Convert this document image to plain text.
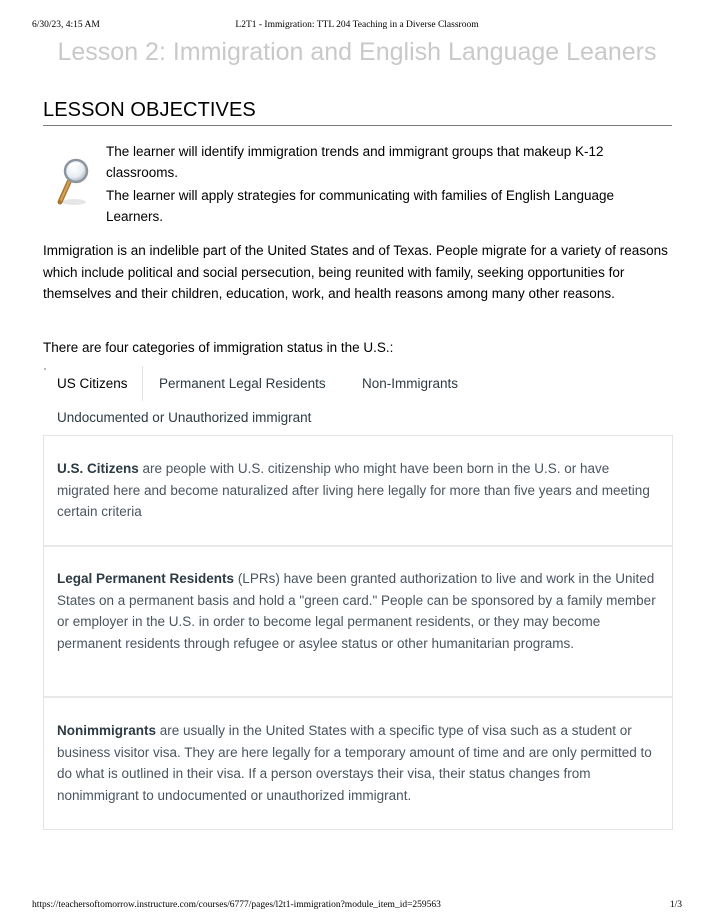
6/30/23, 4:15 AM	L2T1 - Immigration: TTL 204 Teaching in a Diverse Classroom
Lesson 2: Immigration and English Language Leaners
LESSON OBJECTIVES

The learner will identify immigration trends and immigrant groups that makeup K-12 classrooms.

The learner will apply strategies for communicating with families of English Language Learners.

Immigration is an indelible part of the United States and of Texas. People migrate for a variety of reasons which include political and social persecution, being reunited with family, seeking opportunities for themselves and their children, education, work, and health reasons among many other reasons.

There are four categories of immigration status in the U.S.:

US Citizens Permanent Legal Residents	Non-Immigrants
Undocumented or Unauthorized immigrant

U.S. Citizens are people with U.S. citizenship who might have been born in the U.S. or have migrated here and become naturalized after living here legally for more than five years and meeting certain criteria

Legal Permanent Residents (LPRs) have been granted authorization to live and work in the United States on a permanent basis and hold a "green card." People can be sponsored by a family member or employer in the U.S. in order to become legal permanent residents, or they may become permanent residents through refugee or asylee status or other humanitarian programs.

Nonimmigrants are usually in the United States with a specific type of visa such as a student or business visitor visa. They are here legally for a temporary amount of time and are only permitted to do what is outlined in their visa. If a person overstays their visa, their status changes from nonimmigrant to undocumented or unauthorized immigrant.

https://teachersoftomorrow.instructure.com/courses/6777/pages/l2t1-immigration?module_item_id=259563	1/3
